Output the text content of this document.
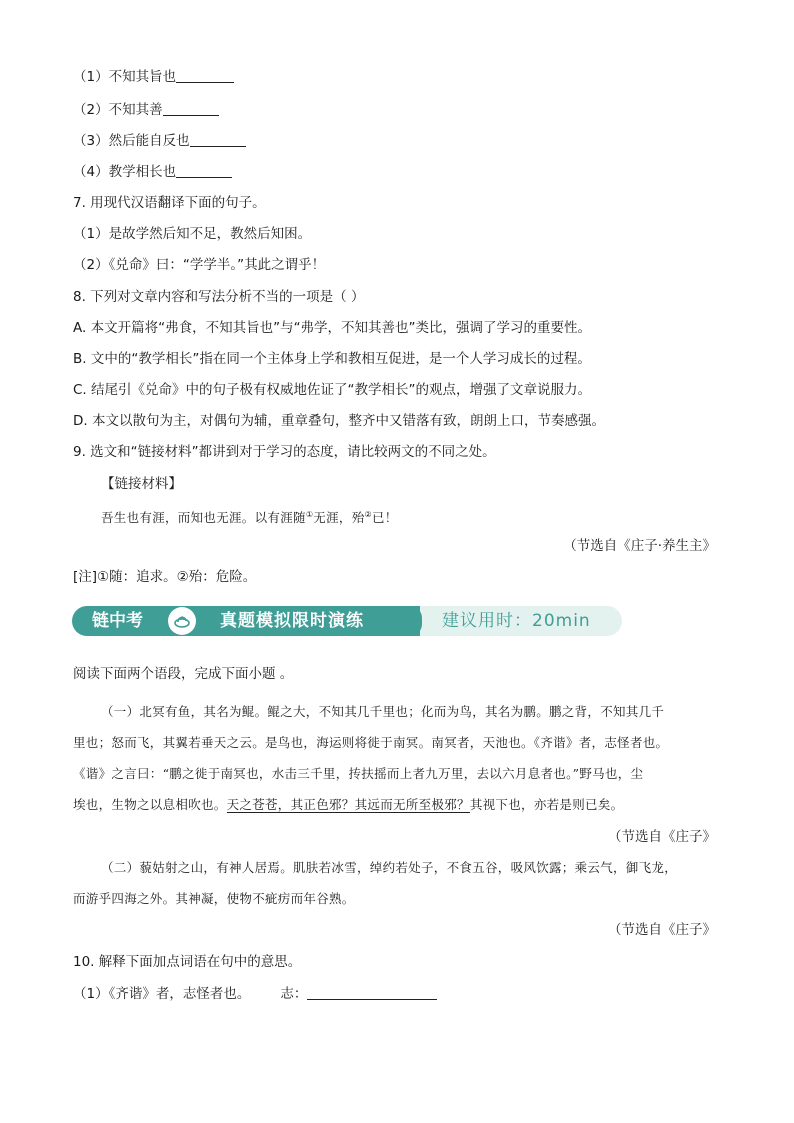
（1）不知其旨也
（2）不知其善
（3）然后能自反也
（4）教学相长也
7. 用现代汉语翻译下面的句子。
（1）是故学然后知不足，教然后知困。
（2）《兑命》曰：“学学半。”其此之谓乎！
8. 下列对文章内容和写法分析不当的一项是（ ）
A. 本文开篇将“弗食，不知其旨也”与“弗学，不知其善也”类比，强调了学习的重要性。
B. 文中的“教学相长”指在同一个主体身上学和教相互促进，是一个人学习成长的过程。
C. 结尾引《兑命》中的句子极有权威地佐证了“教学相长”的观点，增强了文章说服力。
D. 本文以散句为主，对偶句为辅，重章叠句，整齐中又错落有致，朗朗上口，节奏感强。
9. 选文和“链接材料”都讲到对于学习的态度，请比较两文的不同之处。
【链接材料】
吾生也有涯，而知也无涯。以有涯随①无涯，殆②已！
（节选自《庄子·养生主》
[注]①随：追求。②殆：危险。
链中考	真题模拟限时演练	建议用时：20min
阅读下面两个语段，完成下面小题 。
（一）北冥有鱼，其名为鲲。鲲之大，不知其几千里也；化而为鸟，其名为鹏。鹏之背，不知其几千
里也；怒而飞，其翼若垂天之云。是鸟也，海运则将徙于南冥。南冥者，天池也。《齐谐》者，志怪者也。
《谐》之言曰：“鹏之徙于南冥也，水击三千里，抟扶摇而上者九万里，去以六月息者也。”野马也，尘
埃也，生物之以息相吹也。天之苍苍，其正色邪？其远而无所至极邪？其视下也，亦若是则已矣。
（节选自《庄子》
（二）藐姑射之山，有神人居焉。肌肤若冰雪，绰约若处子，不食五谷，吸风饮露；乘云气，御飞龙，
而游乎四海之外。其神凝，使物不疵疠而年谷熟。
（节选自《庄子》
10. 解释下面加点词语在句中的意思。
（1）《齐谐》者，志怪者也。 志：
